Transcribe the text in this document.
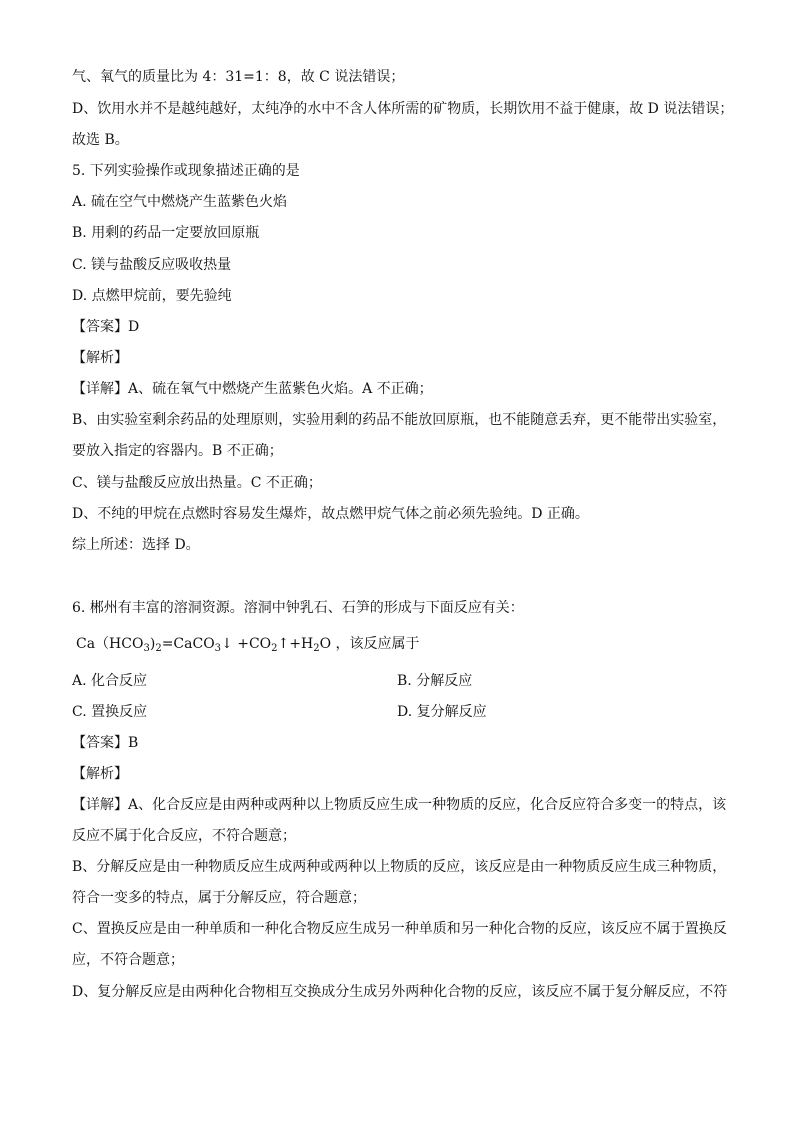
气、氧气的质量比为 4：31=1：8，故 C 说法错误；
D、饮用水并不是越纯越好，太纯净的水中不含人体所需的矿物质，长期饮用不益于健康，故 D 说法错误；
故选 B。
5. 下列实验操作或现象描述正确的是
A. 硫在空气中燃烧产生蓝紫色火焰
B. 用剩的药品一定要放回原瓶
C. 镁与盐酸反应吸收热量
D. 点燃甲烷前，要先验纯
【答案】D
【解析】
【详解】A、硫在氧气中燃烧产生蓝紫色火焰。A 不正确；
B、由实验室剩余药品的处理原则，实验用剩的药品不能放回原瓶，也不能随意丢弃，更不能带出实验室，
要放入指定的容器内。B 不正确；
C、镁与盐酸反应放出热量。C 不正确；
D、不纯的甲烷在点燃时容易发生爆炸，故点燃甲烷气体之前必须先验纯。D 正确。
综上所述：选择 D。
6. 郴州有丰富的溶洞资源。溶洞中钟乳石、石笋的形成与下面反应有关：
$Ca(HCO_3)_2=CaCO_3↓$ $+CO_2↑+H_2O$ ，该反应属于
A. 化合反应	B. 分解反应
C. 置换反应	D. 复分解反应
【答案】B
【解析】
【详解】A、化合反应是由两种或两种以上物质反应生成一种物质的反应，化合反应符合多变一的特点，该
反应不属于化合反应，不符合题意；
B、分解反应是由一种物质反应生成两种或两种以上物质的反应，该反应是由一种物质反应生成三种物质，
符合一变多的特点，属于分解反应，符合题意；
C、置换反应是由一种单质和一种化合物反应生成另一种单质和另一种化合物的反应，该反应不属于置换反
应，不符合题意；
D、复分解反应是由两种化合物相互交换成分生成另外两种化合物的反应，该反应不属于复分解反应，不符
